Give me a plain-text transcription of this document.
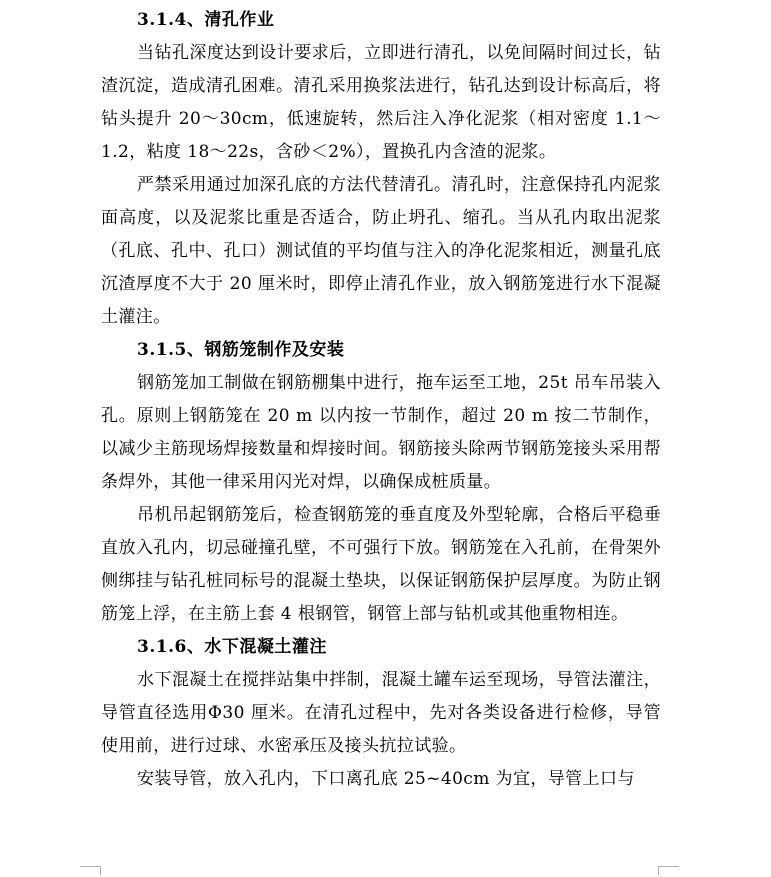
3.1.4、清孔作业

当钻孔深度达到设计要求后，立即进行清孔，以免间隔时间过长，钻渣沉淀，造成清孔困难。清孔采用换浆法进行，钻孔达到设计标高后，将钻头提升 20～30cm，低速旋转，然后注入净化泥浆（相对密度 1.1～1.2，粘度 18～22s，含砂＜2%），置换孔内含渣的泥浆。

严禁采用通过加深孔底的方法代替清孔。清孔时，注意保持孔内泥浆面高度，以及泥浆比重是否适合，防止坍孔、缩孔。当从孔内取出泥浆（孔底、孔中、孔口）测试值的平均值与注入的净化泥浆相近，测量孔底沉渣厚度不大于 20 厘米时，即停止清孔作业，放入钢筋笼进行水下混凝土灌注。

3.1.5、钢筋笼制作及安装

钢筋笼加工制做在钢筋棚集中进行，拖车运至工地，25t 吊车吊装入孔。原则上钢筋笼在 20 m 以内按一节制作，超过 20 m 按二节制作，以减少主筋现场焊接数量和焊接时间。钢筋接头除两节钢筋笼接头采用帮条焊外，其他一律采用闪光对焊，以确保成桩质量。

吊机吊起钢筋笼后，检查钢筋笼的垂直度及外型轮廓，合格后平稳垂直放入孔内，切忌碰撞孔壁，不可强行下放。钢筋笼在入孔前，在骨架外侧绑挂与钻孔桩同标号的混凝土垫块，以保证钢筋保护层厚度。为防止钢筋笼上浮，在主筋上套 4 根钢管，钢管上部与钻机或其他重物相连。

3.1.6、水下混凝土灌注

水下混凝土在搅拌站集中拌制，混凝土罐车运至现场，导管法灌注，导管直径选用Φ30 厘米。在清孔过程中，先对各类设备进行检修，导管使用前，进行过球、水密承压及接头抗拉试验。

安装导管，放入孔内，下口离孔底 25~40cm 为宜，导管上口与
